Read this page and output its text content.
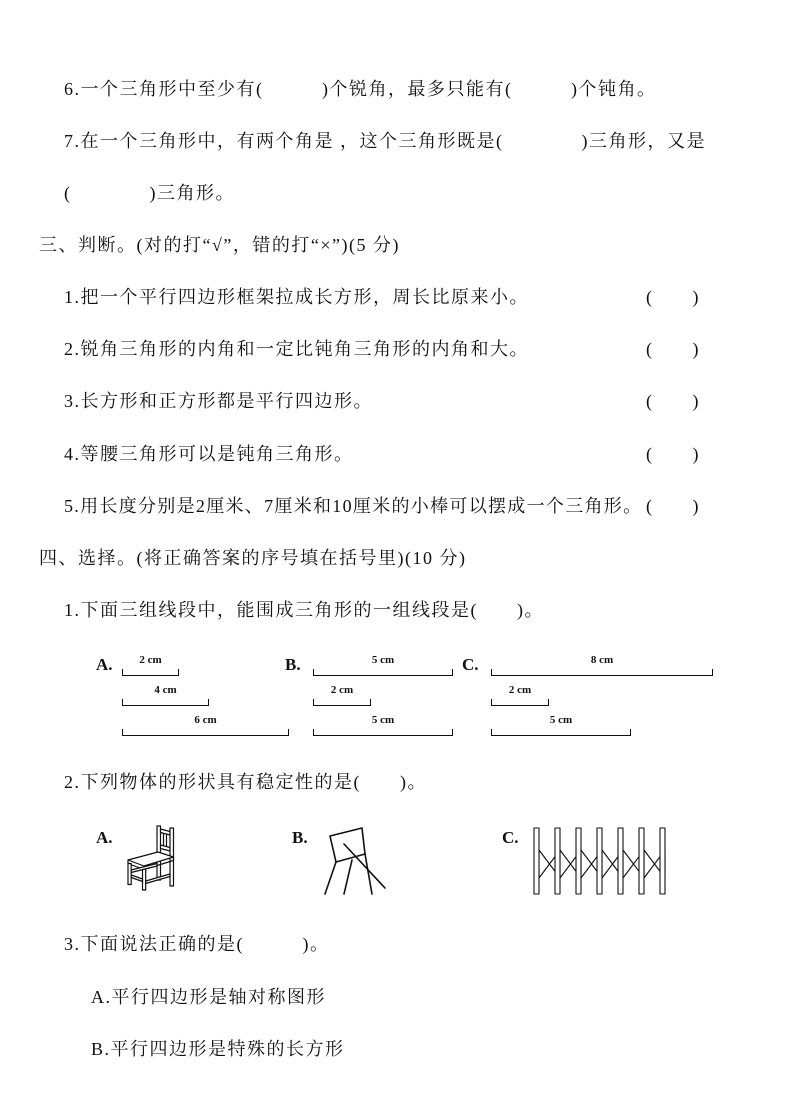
6.一个三角形中至少有(　　　)个锐角，最多只能有(　　　)个钝角。
7.在一个三角形中，有两个角是 ，这个三角形既是(　　　　)三角形，又是
(　　　　)三角形。
三、判断。(对的打“√”，错的打“×”)(5 分)
1.把一个平行四边形框架拉成长方形，周长比原来小。	(　　)
2.锐角三角形的内角和一定比钝角三角形的内角和大。	(　　)
3.长方形和正方形都是平行四边形。	(　　)
4.等腰三角形可以是钝角三角形。	(　　)
5.用长度分别是2厘米、7厘米和10厘米的小棒可以摆成一个三角形。 (　　)
四、选择。(将正确答案的序号填在括号里)(10 分)
1.下面三组线段中，能围成三角形的一组线段是(　　)。
A.	2 cm
4 cm
6 cm
B.	5 cm
2 cm
5 cm
C.	8 cm
2 cm
5 cm
2.下列物体的形状具有稳定性的是(　　)。
A.	B.	C.
3.下面说法正确的是(　　　)。
A.平行四边形是轴对称图形
B.平行四边形是特殊的长方形
